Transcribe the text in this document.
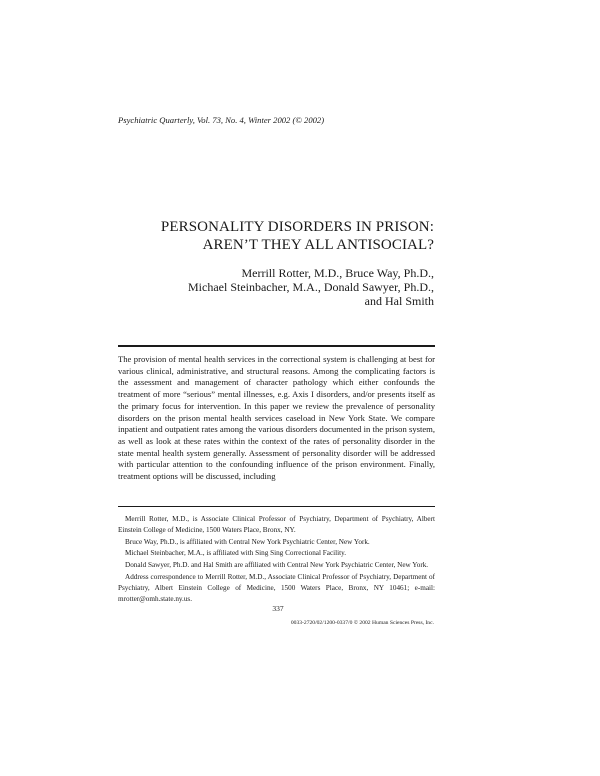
Psychiatric Quarterly, Vol. 73, No. 4, Winter 2002 (© 2002)
PERSONALITY DISORDERS IN PRISON:
AREN’T THEY ALL ANTISOCIAL?
Merrill Rotter, M.D., Bruce Way, Ph.D.,
Michael Steinbacher, M.A., Donald Sawyer, Ph.D.,
and Hal Smith
The provision of mental health services in the correctional system is challenging at best for various clinical, administrative, and structural reasons. Among the complicating factors is the assessment and management of character pathology which either confounds the treatment of more “serious” mental illnesses, e.g. Axis I disorders, and/or presents itself as the primary focus for intervention. In this paper we review the prevalence of personality disorders on the prison mental health services caseload in New York State. We compare inpatient and outpatient rates among the various disorders documented in the prison system, as well as look at these rates within the context of the rates of personality disorder in the state mental health system generally. Assessment of personality disorder will be addressed with particular attention to the confounding influence of the prison environment. Finally, treatment options will be discussed, including

Merrill Rotter, M.D., is Associate Clinical Professor of Psychiatry, Department of Psychiatry, Albert Einstein College of Medicine, 1500 Waters Place, Bronx, NY.

Bruce Way, Ph.D., is affiliated with Central New York Psychiatric Center, New York.

Michael Steinbacher, M.A., is affiliated with Sing Sing Correctional Facility.

Donald Sawyer, Ph.D. and Hal Smith are affiliated with Central New York Psychiatric Center, New York.

Address correspondence to Merrill Rotter, M.D., Associate Clinical Professor of Psychiatry, Department of Psychiatry, Albert Einstein College of Medicine, 1500 Waters Place, Bronx, NY 10461; e-mail: mrotter@omh.state.ny.us.

337
0033-2720/02/1200-0337/0 © 2002 Human Sciences Press, Inc.
